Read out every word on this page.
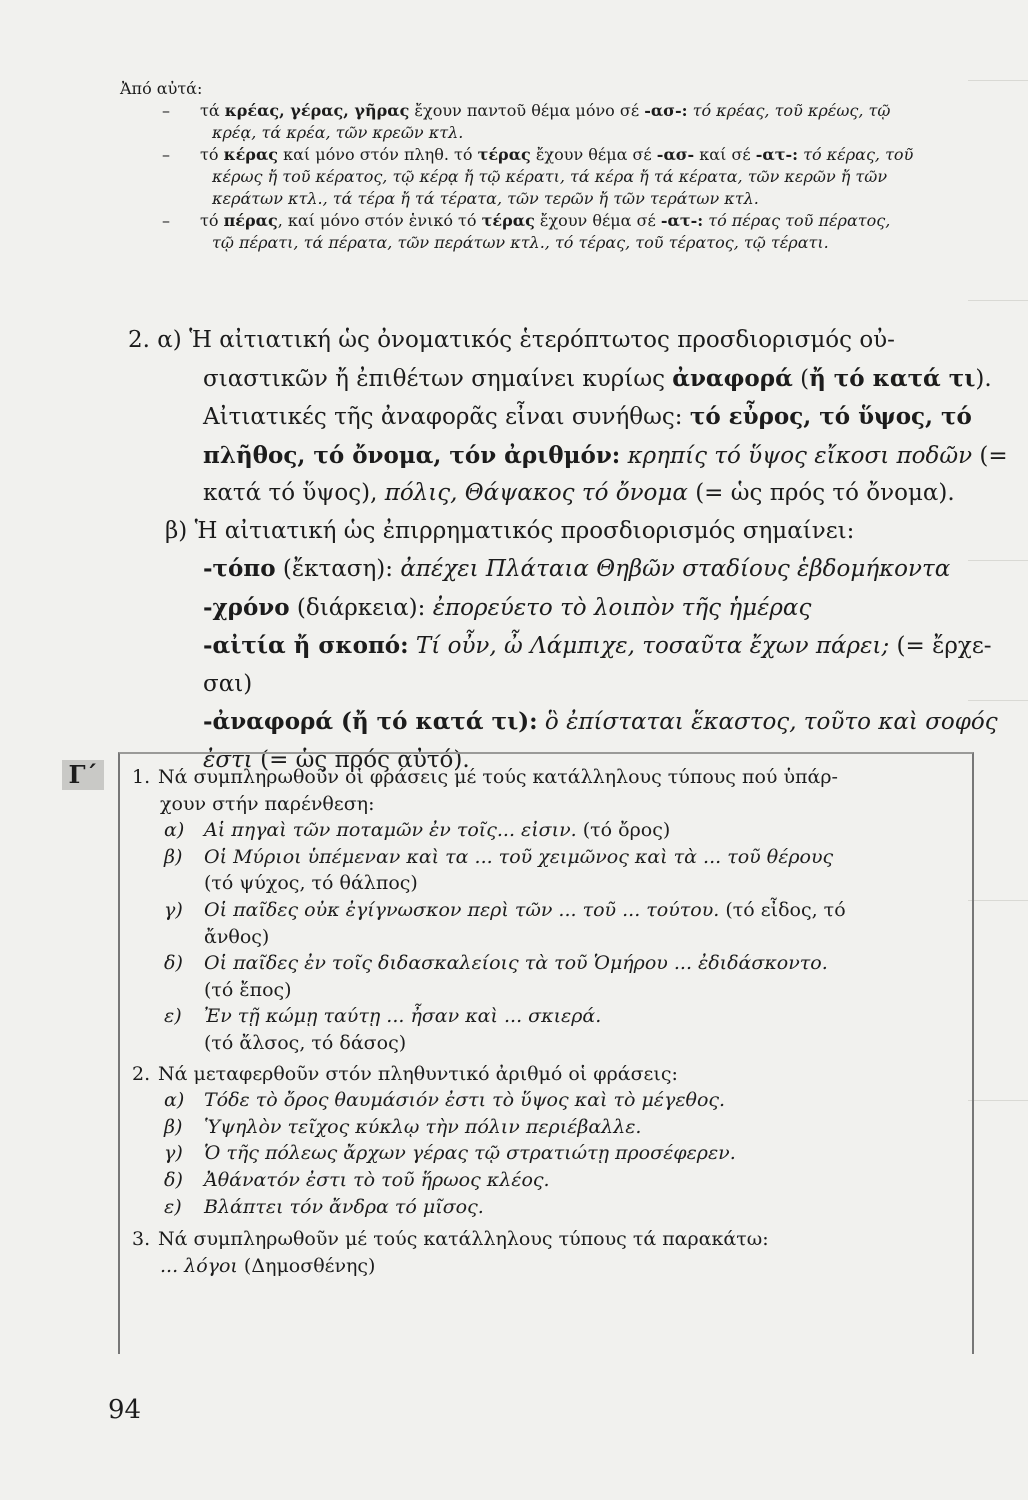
Ἀπό αὐτά:
– τά κρέας, γέρας, γῆρας ἔχουν παντοῦ θέμα μόνο σέ -ασ-: τό κρέας, τοῦ κρέως, τῷ
κρέᾳ, τά κρέα, τῶν κρεῶν κτλ.
– τό κέρας καί μόνο στόν πληθ. τό τέρας ἔχουν θέμα σέ -ασ- καί σέ -ατ-: τό κέρας, τοῦ
κέρως ἤ τοῦ κέρατος, τῷ κέρᾳ ἤ τῷ κέρατι, τά κέρα ἤ τά κέρατα, τῶν κερῶν ἤ τῶν
κεράτων κτλ., τά τέρα ἤ τά τέρατα, τῶν τερῶν ἤ τῶν τεράτων κτλ.
– τό πέρας, καί μόνο στόν ἑνικό τό τέρας ἔχουν θέμα σέ -ατ-: τό πέρας τοῦ πέρατος,
τῷ πέρατι, τά πέρατα, τῶν περάτων κτλ., τό τέρας, τοῦ τέρατος, τῷ τέρατι.
2. α) Ἡ αἰτιατική ὡς ὀνοματικός ἑτερόπτωτος προσδιορισμός οὐ-
σιαστικῶν ἤ ἐπιθέτων σημαίνει κυρίως ἀναφορά (ἤ τό κατά τι).
Αἰτιατικές τῆς ἀναφορᾶς εἶναι συνήθως: τό εὖρος, τό ὕψος, τό
πλῆθος, τό ὄνομα, τόν ἀριθμόν: κρηπίς τό ὕψος εἴκοσι ποδῶν (=
κατά τό ὕψος), πόλις, Θάψακος τό ὄνομα (= ὡς πρός τό ὄνομα).
β) Ἡ αἰτιατική ὡς ἐπιρρηματικός προσδιορισμός σημαίνει:
-τόπο (ἔκταση): ἀπέχει Πλάταια Θηβῶν σταδίους ἑβδομήκοντα
-χρόνο (διάρκεια): ἐπορεύετο τὸ λοιπὸν τῆς ἡμέρας
-αἰτία ἤ σκοπό: Τί οὖν, ὦ Λάμπιχε, τοσαῦτα ἔχων πάρει; (= ἔρχε-
σαι)
-ἀναφορά (ἤ τό κατά τι): ὃ ἐπίσταται ἕκαστος, τοῦτο καὶ σοφός
ἐστι (= ὡς πρός αὐτό).
Γ΄	1. Νά συμπληρωθοῦν οἱ φράσεις μέ τούς κατάλληλους τύπους πού ὑπάρ-
χουν στήν παρένθεση:
α) Αἱ πηγαὶ τῶν ποταμῶν ἐν τοῖς... εἰσιν. (τό ὄρος)
β) Οἱ Μύριοι ὑπέμεναν καὶ τα ... τοῦ χειμῶνος καὶ τὰ ... τοῦ θέρους
(τό ψύχος, τό θάλπος)
γ) Οἱ παῖδες οὐκ ἐγίγνωσκον περὶ τῶν ... τοῦ ... τούτου. (τό εἶδος, τό
ἄνθος)
δ) Οἱ παῖδες ἐν τοῖς διδασκαλείοις τὰ τοῦ Ὁμήρου ... ἐδιδάσκοντο.
(τό ἔπος)
ε) Ἐν τῇ κώμῃ ταύτῃ ... ἦσαν καὶ ... σκιερά.
(τό ἄλσος, τό δάσος)
2. Νά μεταφερθοῦν στόν πληθυντικό ἀριθμό οἱ φράσεις:
α) Τόδε τὸ ὄρος θαυμάσιόν ἐστι τὸ ὕψος καὶ τὸ μέγεθος.
β) Ὑψηλὸν τεῖχος κύκλῳ τὴν πόλιν περιέβαλλε.
γ) Ὁ τῆς πόλεως ἄρχων γέρας τῷ στρατιώτῃ προσέφερεν.
δ) Ἀθάνατόν ἐστι τὸ τοῦ ἥρωος κλέος.
ε) Βλάπτει τόν ἄνδρα τό μῖσος.
3. Νά συμπληρωθοῦν μέ τούς κατάλληλους τύπους τά παρακάτω:
... λόγοι (Δημοσθένης)
94
